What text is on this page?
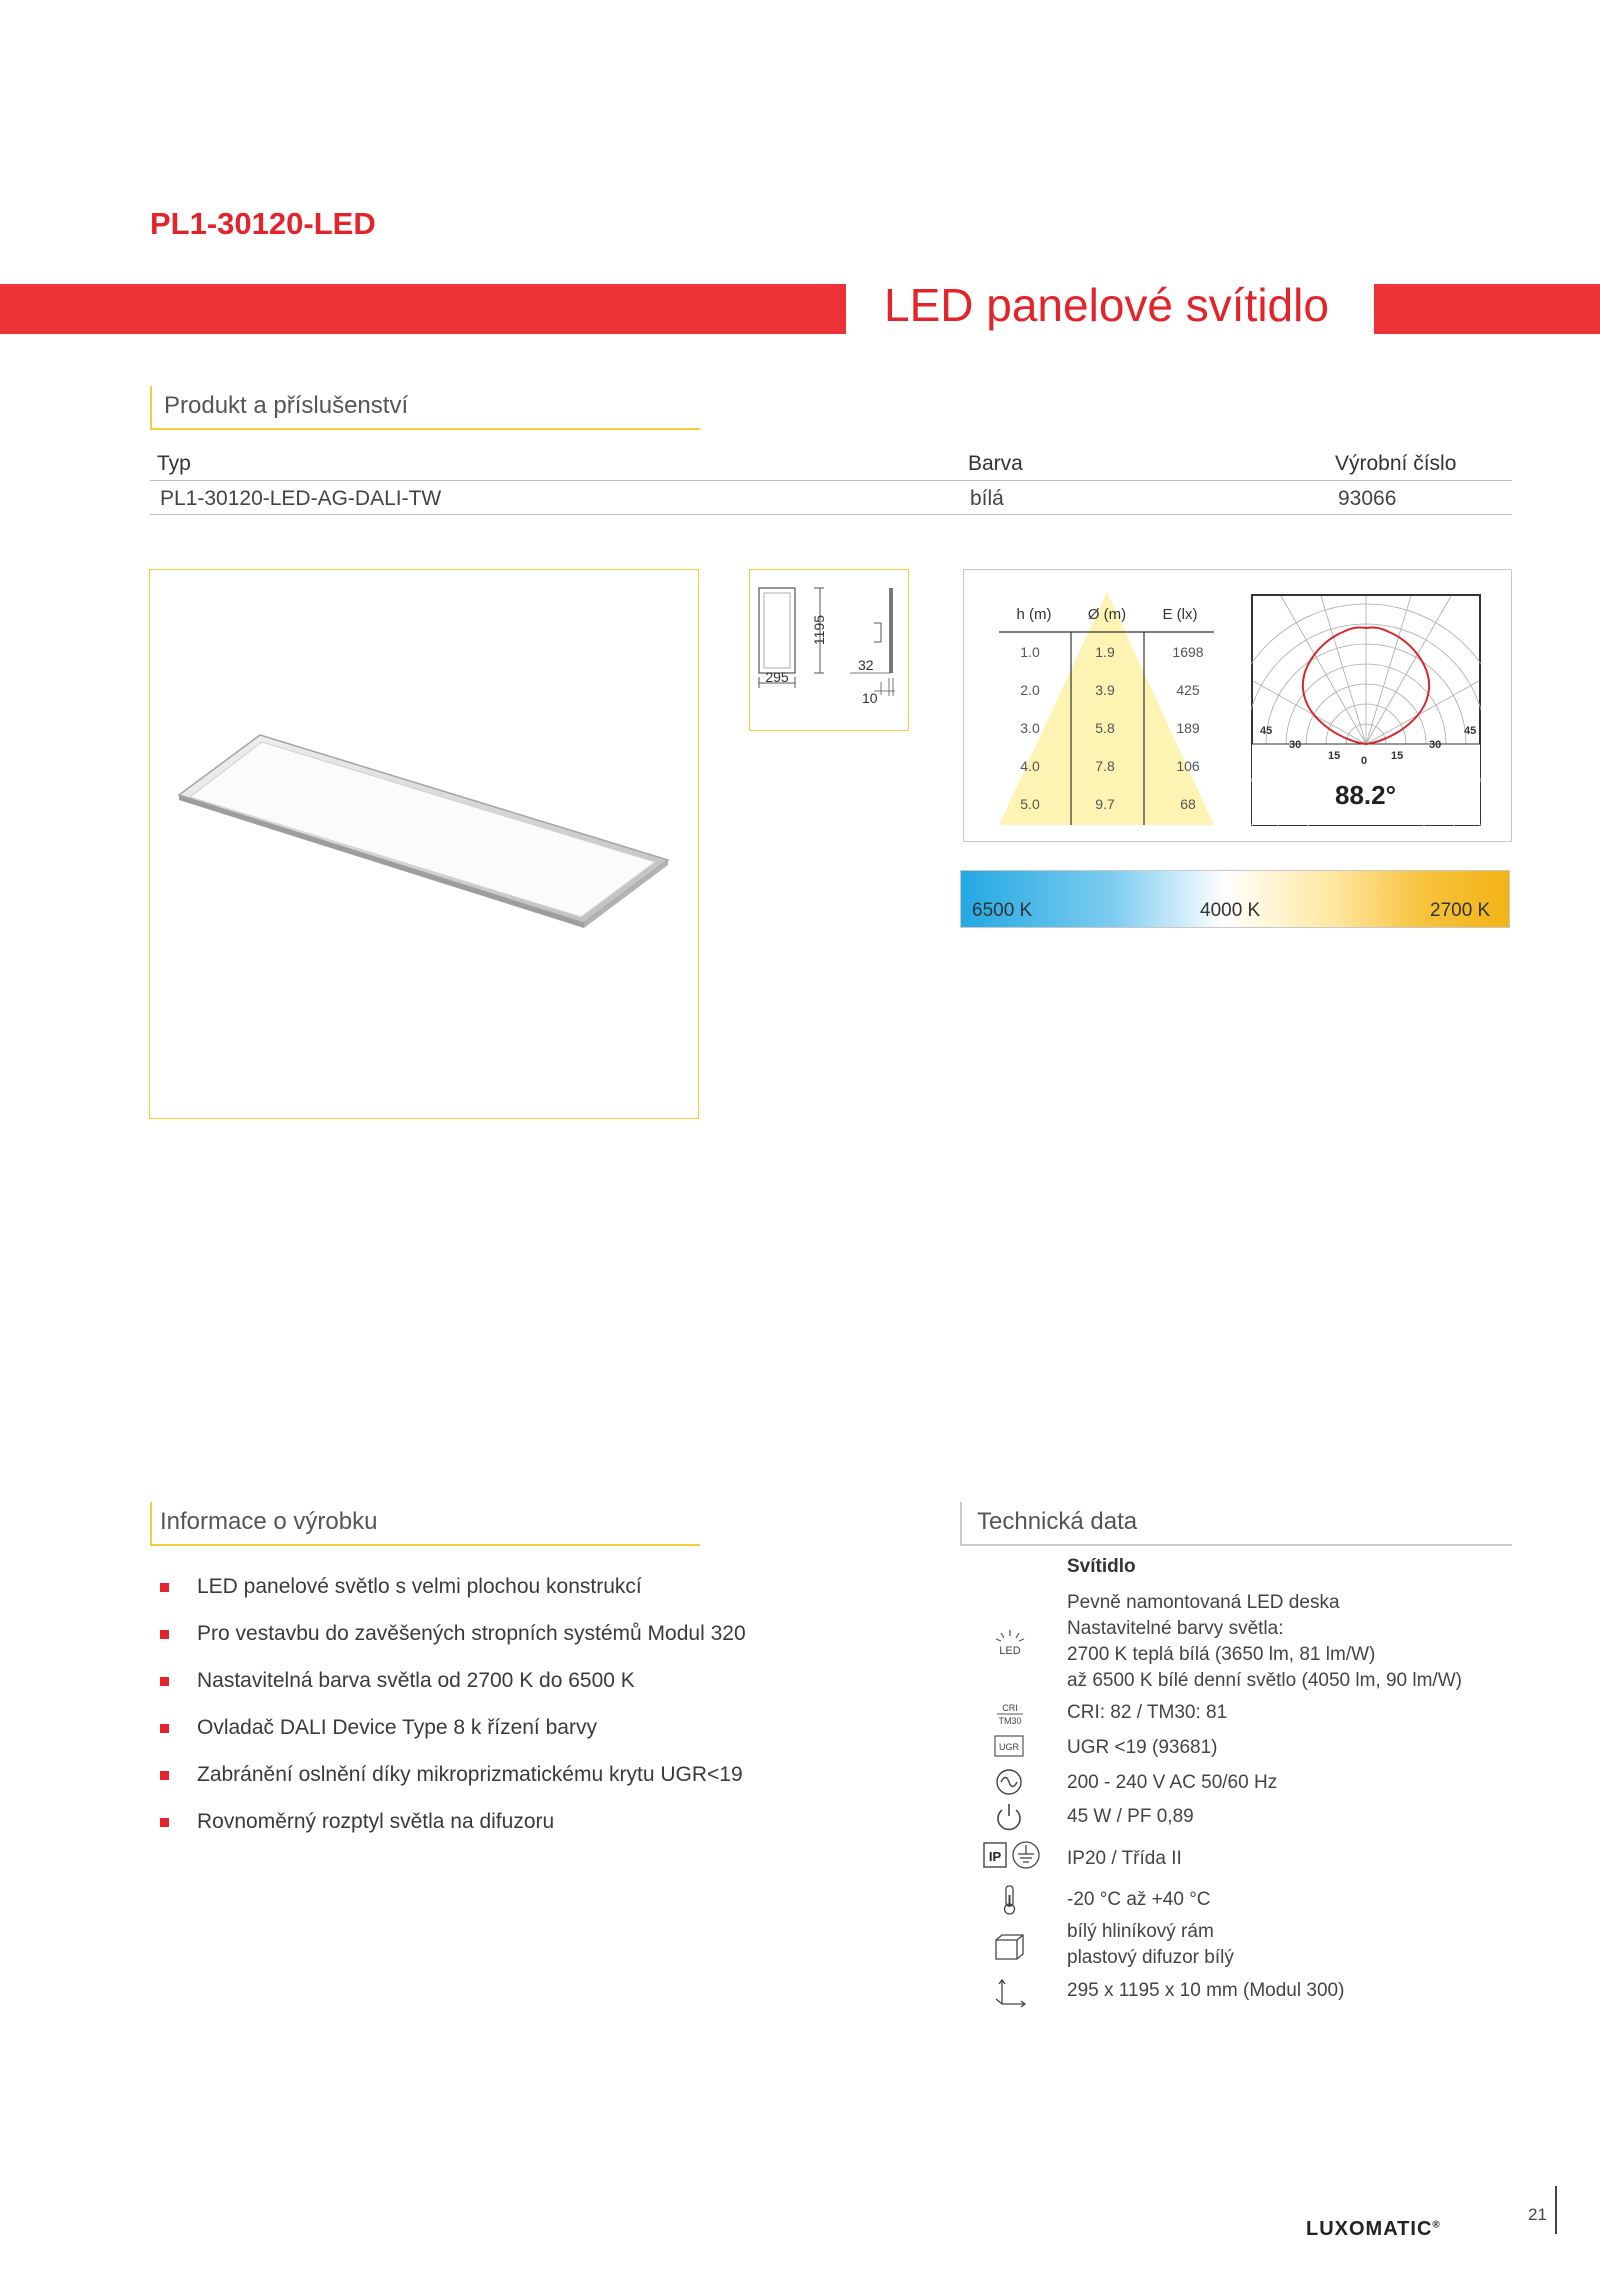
PL1-30120-LED
LED panelové svítidlo
Produkt a příslušenství
Typ	Barva	Výrobní číslo
PL1-30120-LED-AG-DALI-TW	bílá	93066
1195
295
32
10
h (m) Ø (m) E (lx)
1.0	1.9	1698
2.0	3.9	425
3.0	5.8	189
4.0	7.8	106
5.0	9.7	68
45
30
15 0 15
30
45
88.2°
6500 K	4000 K	2700 K
Informace o výrobku
LED panelové světlo s velmi plochou konstrukcí
Pro vestavbu do zavěšených stropních systémů Modul 320
Nastavitelná barva světla od 2700 K do 6500 K
Ovladač DALI Device Type 8 k řízení barvy
Zabránění oslnění díky mikroprizmatickému krytu UGR<19
Rovnoměrný rozptyl světla na difuzoru
Technická data
Svítidlo
LED
Pevně namontovaná LED deska
Nastavitelné barvy světla:
2700 K teplá bílá (3650 lm, 81 lm/W)
až 6500 K bílé denní světlo (4050 lm, 90 lm/W)
CRI
TM30 CRI: 82 / TM30: 81
UGR	UGR <19 (93681)
200 - 240 V AC 50/60 Hz
45 W / PF 0,89
IP	IP20 / Třída II
-20 °C až +40 °C
bílý hliníkový rám
plastový difuzor bílý
295 x 1195 x 10 mm (Modul 300)
LUXOMATIC®
21
